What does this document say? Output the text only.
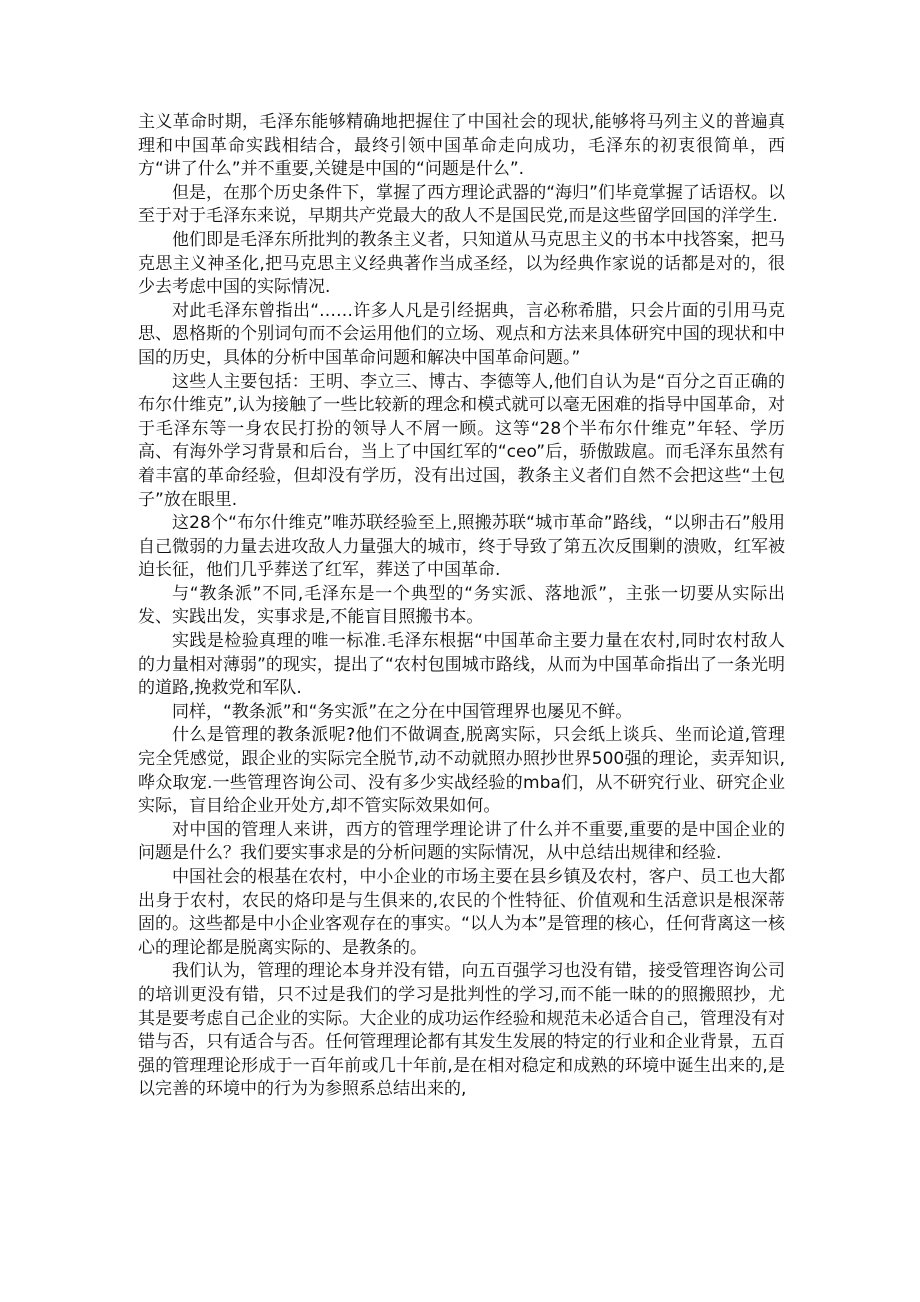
主义革命时期，毛泽东能够精确地把握住了中国社会的现状,能够将马列主义的普遍真理和中国革命实践相结合，最终引领中国革命走向成功，毛泽东的初衷很简单，西方“讲了什么”并不重要,关键是中国的“问题是什么”.

但是，在那个历史条件下，掌握了西方理论武器的“海归”们毕竟掌握了话语权。以至于对于毛泽东来说，早期共产党最大的敌人不是国民党,而是这些留学回国的洋学生.

他们即是毛泽东所批判的教条主义者，只知道从马克思主义的书本中找答案，把马克思主义神圣化,把马克思主义经典著作当成圣经，以为经典作家说的话都是对的，很少去考虑中国的实际情况.

对此毛泽东曾指出“……许多人凡是引经据典，言必称希腊，只会片面的引用马克思、恩格斯的个别词句而不会运用他们的立场、观点和方法来具体研究中国的现状和中国的历史，具体的分析中国革命问题和解决中国革命问题。”

这些人主要包括：王明、李立三、博古、李德等人,他们自认为是“百分之百正确的布尔什维克”,认为接触了一些比较新的理念和模式就可以毫无困难的指导中国革命，对于毛泽东等一身农民打扮的领导人不屑一顾。这等“28个半布尔什维克”年轻、学历高、有海外学习背景和后台，当上了中国红军的“ceo”后，骄傲跋扈。而毛泽东虽然有着丰富的革命经验，但却没有学历，没有出过国，教条主义者们自然不会把这些“土包子”放在眼里.

这28个“布尔什维克”唯苏联经验至上,照搬苏联“城市革命”路线，“以卵击石”般用自己微弱的力量去进攻敌人力量强大的城市，终于导致了第五次反围剿的溃败，红军被迫长征，他们几乎葬送了红军，葬送了中国革命.

与“教条派”不同,毛泽东是一个典型的“务实派、落地派”，主张一切要从实际出发、实践出发，实事求是,不能盲目照搬书本。

实践是检验真理的唯一标准.毛泽东根据“中国革命主要力量在农村,同时农村敌人的力量相对薄弱”的现实，提出了“农村包围城市路线，从而为中国革命指出了一条光明的道路,挽救党和军队.

同样，“教条派”和“务实派”在之分在中国管理界也屡见不鲜。

什么是管理的教条派呢?他们不做调查,脱离实际，只会纸上谈兵、坐而论道,管理完全凭感觉，跟企业的实际完全脱节,动不动就照办照抄世界500强的理论，卖弄知识,哗众取宠.一些管理咨询公司、没有多少实战经验的mba们，从不研究行业、研究企业实际，盲目给企业开处方,却不管实际效果如何。

对中国的管理人来讲，西方的管理学理论讲了什么并不重要,重要的是中国企业的问题是什么？我们要实事求是的分析问题的实际情况，从中总结出规律和经验.

中国社会的根基在农村，中小企业的市场主要在县乡镇及农村，客户、员工也大都出身于农村，农民的烙印是与生俱来的,农民的个性特征、价值观和生活意识是根深蒂固的。这些都是中小企业客观存在的事实。“以人为本”是管理的核心，任何背离这一核心的理论都是脱离实际的、是教条的。

我们认为，管理的理论本身并没有错，向五百强学习也没有错，接受管理咨询公司的培训更没有错，只不过是我们的学习是批判性的学习,而不能一昧的的照搬照抄，尤其是要考虑自己企业的实际。大企业的成功运作经验和规范未必适合自己，管理没有对错与否，只有适合与否。任何管理理论都有其发生发展的特定的行业和企业背景，五百强的管理理论形成于一百年前或几十年前,是在相对稳定和成熟的环境中诞生出来的,是以完善的环境中的行为为参照系总结出来的,
